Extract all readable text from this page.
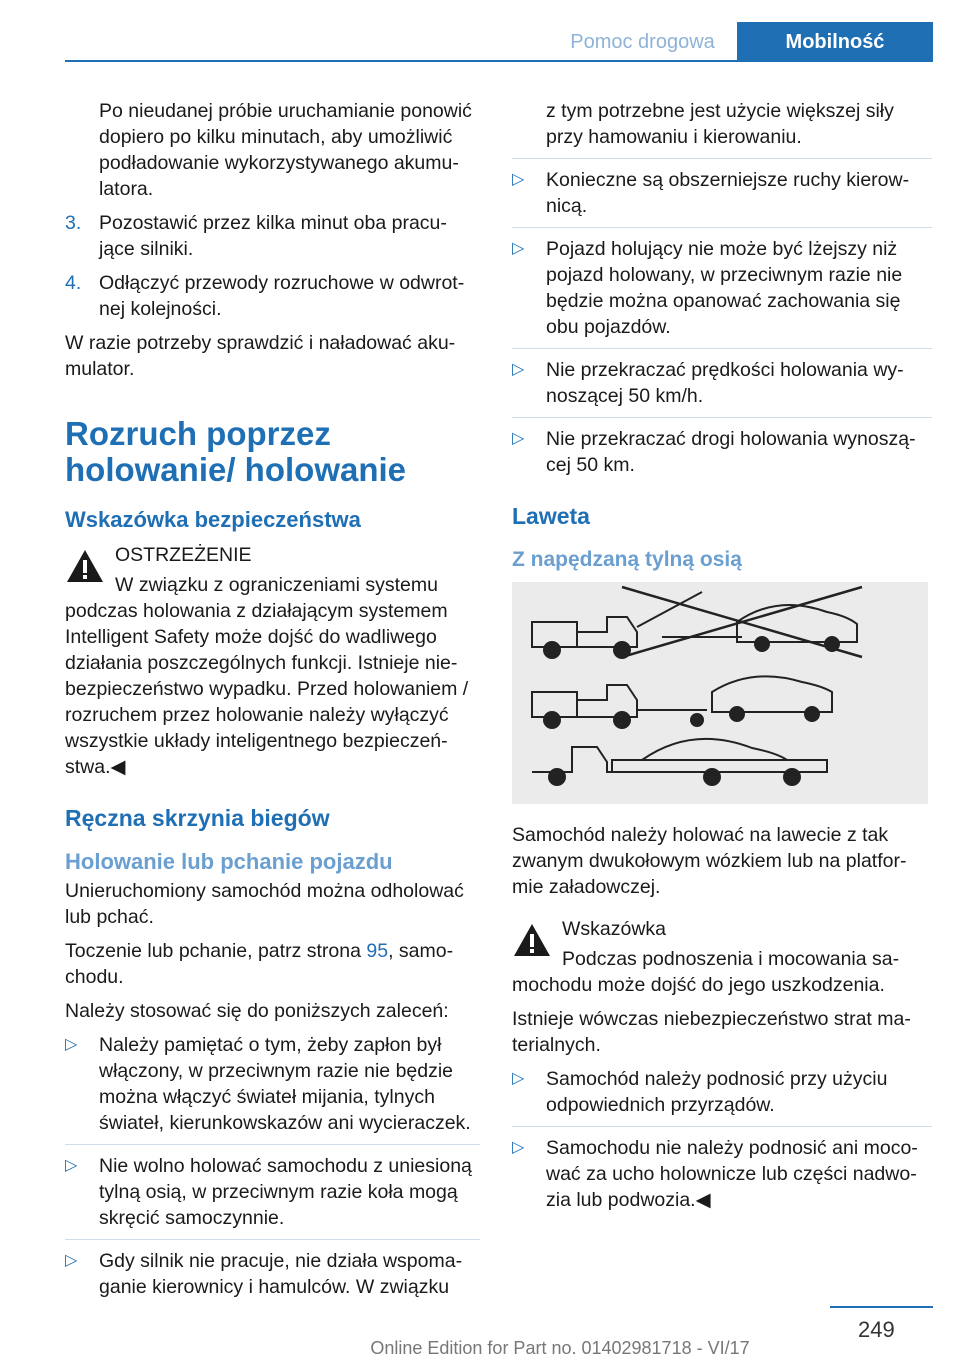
Pomoc drogowa	Mobilność

Po nieudanej próbie uruchamianie ponowić dopiero po kilku minutach, aby umożliwić podładowanie wykorzystywanego akumu-latora.

3. Pozostawić przez kilka minut oba pracu-jące silniki.
4. Odłączyć przewody rozruchowe w odwrot-nej kolejności.

W razie potrzeby sprawdzić i naładować aku-mulator.

Rozruch poprzez holowanie/ holowanie
Wskazówka bezpieczeństwa

OSTRZEŻENIE

W związku z ograniczeniami systemu podczas holowania z działającym systemem Intelligent Safety może dojść do wadliwego działania poszczególnych funkcji. Istnieje nie-bezpieczeństwo wypadku. Przed holowaniem / rozruchem przez holowanie należy wyłączyć wszystkie układy inteligentnego bezpieczeń-stwa.◀

Ręczna skrzynia biegów
Holowanie lub pchanie pojazdu

Unieruchomiony samochód można odholować lub pchać.

Toczenie lub pchanie, patrz strona 95, samo-chodu.

Należy stosować się do poniższych zaleceń:

▷ Należy pamiętać o tym, żeby zapłon był włączony, w przeciwnym razie nie będzie można włączyć świateł mijania, tylnych świateł, kierunkowskazów ani wycieraczek.
▷ Nie wolno holować samochodu z uniesioną tylną osią, w przeciwnym razie koła mogą skręcić samoczynnie.
▷ Gdy silnik nie pracuje, nie działa wspoma-ganie kierownicy i hamulców. W związku

z tym potrzebne jest użycie większej siły przy hamowaniu i kierowaniu.

▷ Konieczne są obszerniejsze ruchy kierow-nicą.
▷ Pojazd holujący nie może być lżejszy niż pojazd holowany, w przeciwnym razie nie będzie można opanować zachowania się obu pojazdów.
▷ Nie przekraczać prędkości holowania wy-noszącej 50 km/h.
▷ Nie przekraczać drogi holowania wynoszą-cej 50 km.
Laweta
Z napędzaną tylną osią

Samochód należy holować na lawecie z tak zwanym dwukołowym wózkiem lub na platfor-mie załadowczej.

Wskazówka

Podczas podnoszenia i mocowania sa-mochodu może dojść do jego uszkodzenia.

Istnieje wówczas niebezpieczeństwo strat ma-terialnych.

▷ Samochód należy podnosić przy użyciu odpowiednich przyrządów.
▷ Samochodu nie należy podnosić ani moco-wać za ucho holownicze lub części nadwo-zia lub podwozia.◀
249
Online Edition for Part no. 01402981718 - VI/17
